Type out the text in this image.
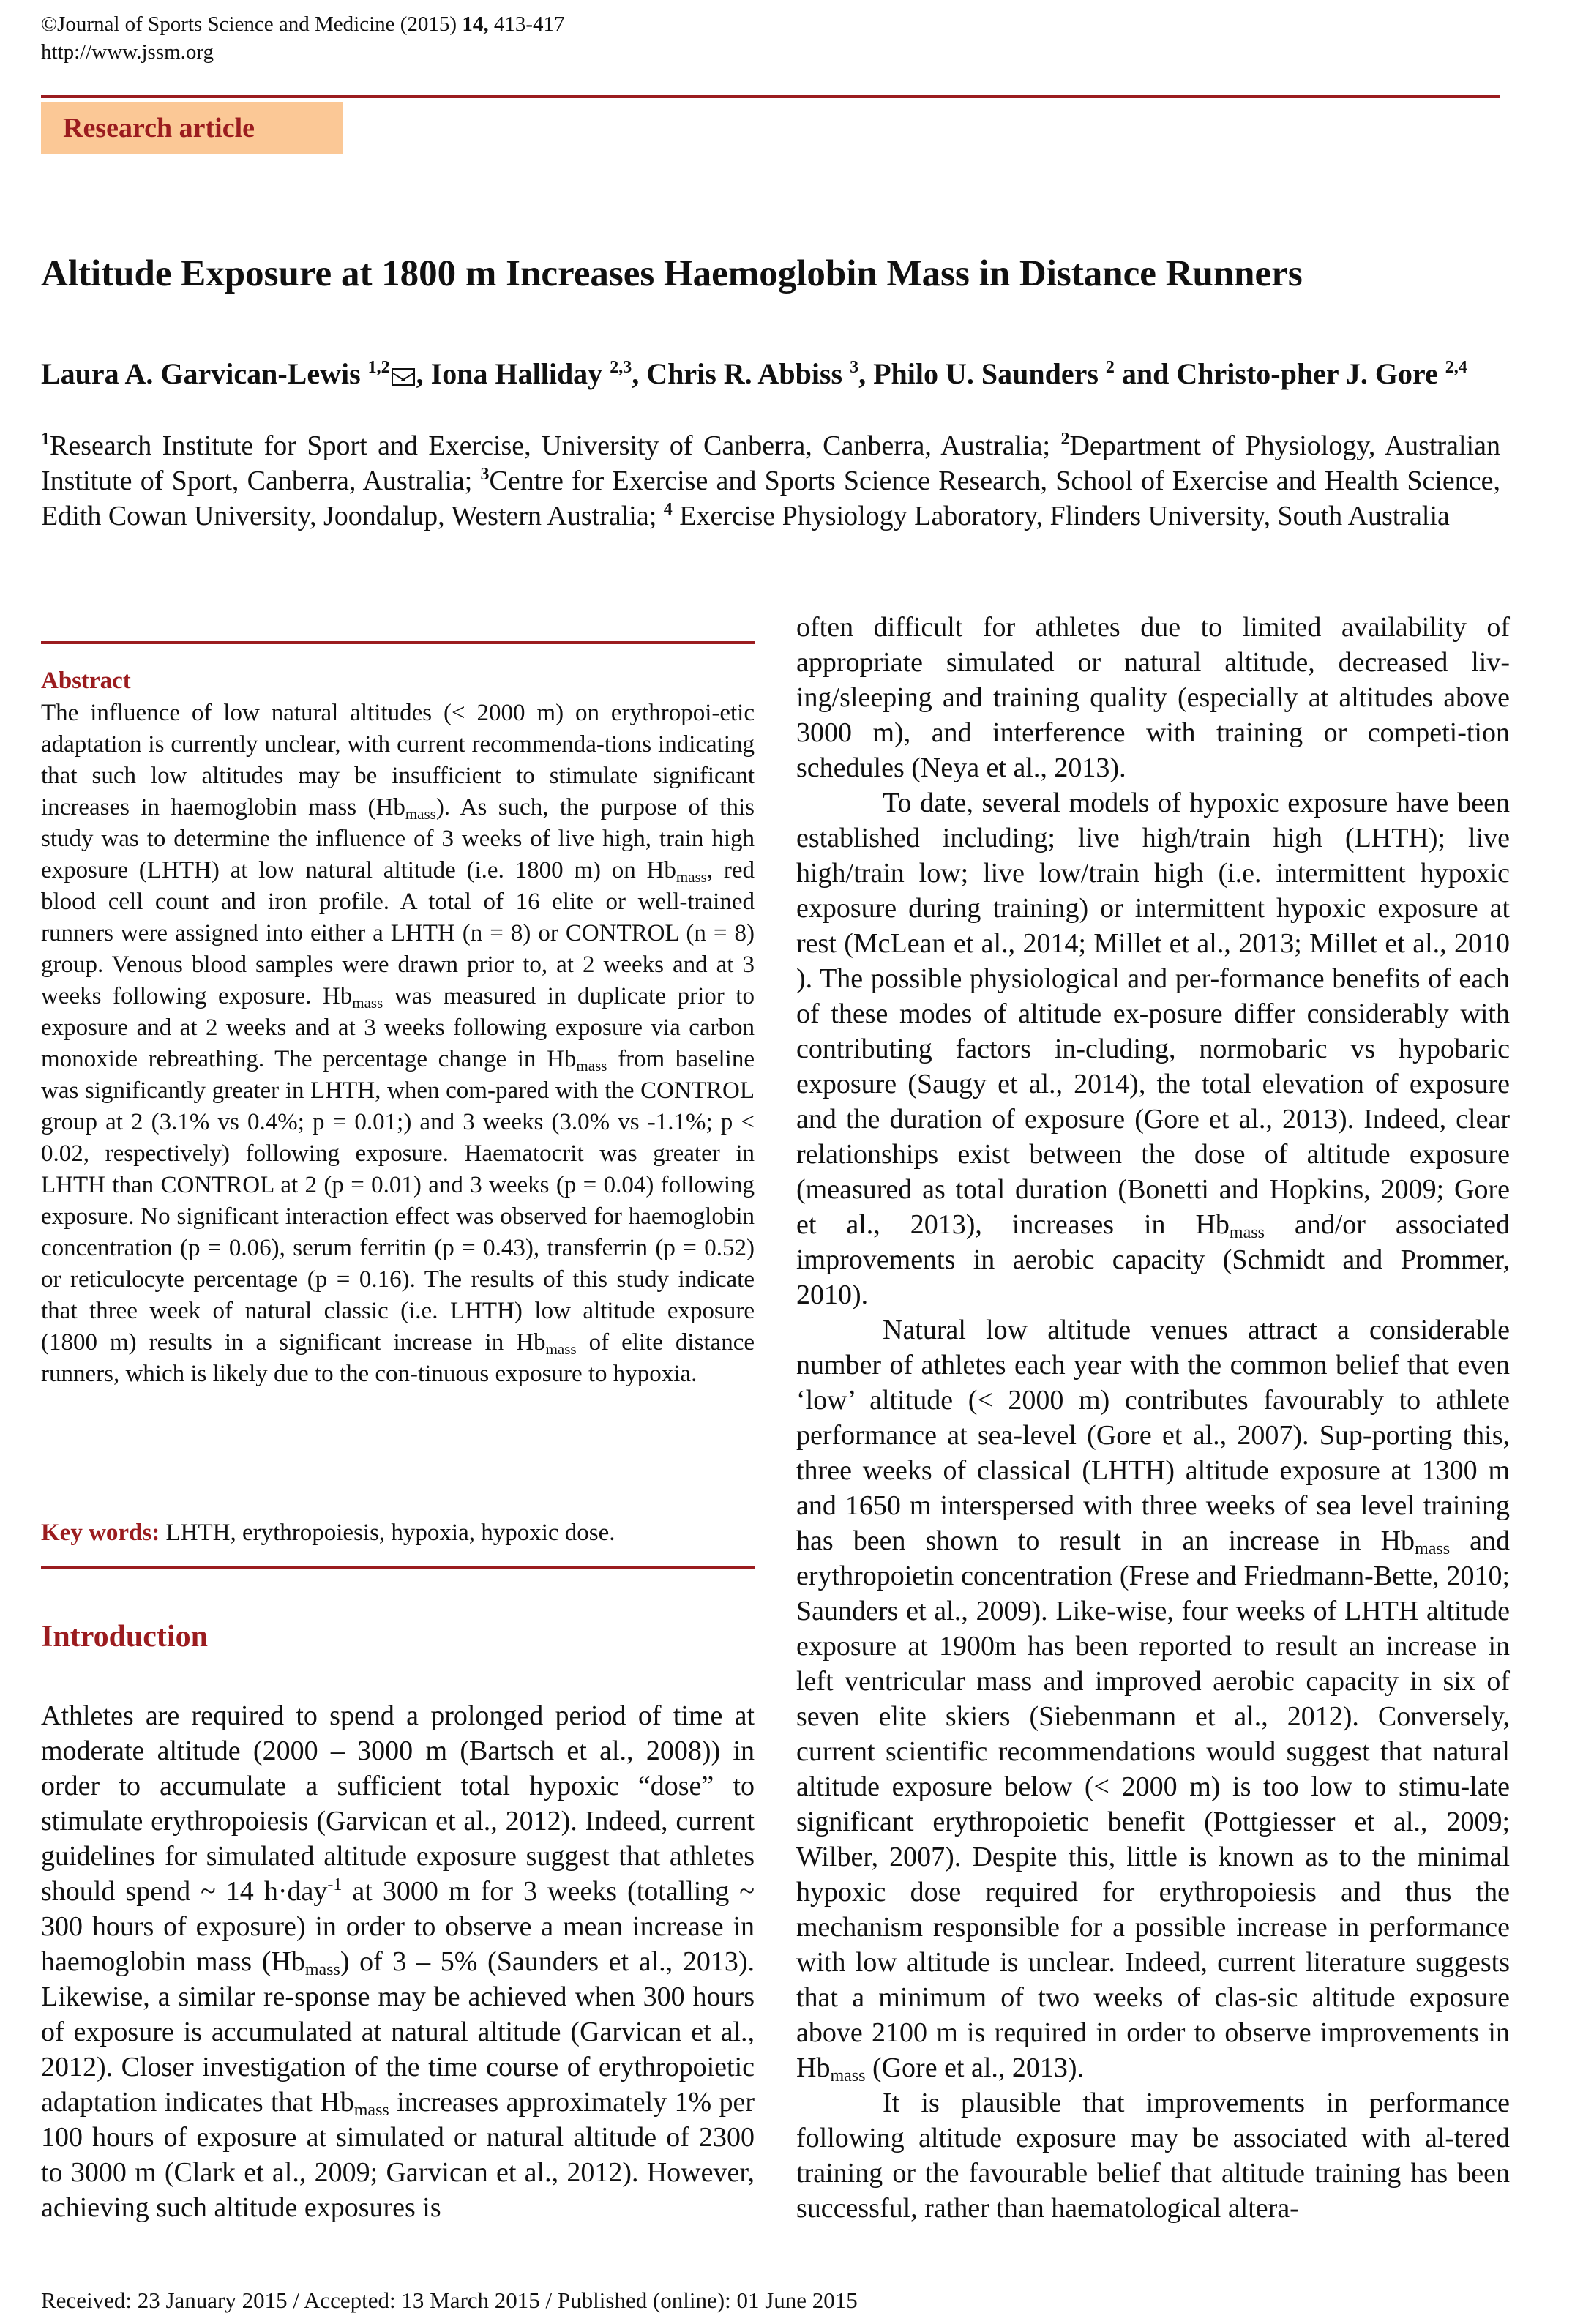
©Journal of Sports Science and Medicine (2015) 14, 413-417
http://www.jssm.org
Research article
Altitude Exposure at 1800 m Increases Haemoglobin Mass in Distance Runners
Laura A. Garvican-Lewis $^{1,2}$ , Iona Halliday $^{2,3}$, Chris R. Abbiss $^3$, Philo U. Saunders $^2$ and Christo-pher J. Gore $^{2,4}$
$^1$Research Institute for Sport and Exercise, University of Canberra, Canberra, Australia; $^2$Department of Physiology, Australian Institute of Sport, Canberra, Australia; $^3$Centre for Exercise and Sports Science Research, School of Exercise and Health Science, Edith Cowan University, Joondalup, Western Australia; $^4$ Exercise Physiology Laboratory, Flinders University, South Australia
Abstract

The influence of low natural altitudes (< 2000 m) on erythropoi-etic adaptation is currently unclear, with current recommenda-tions indicating that such low altitudes may be insufficient to stimulate significant increases in haemoglobin mass $(Hb_{mass})$. As such, the purpose of this study was to determine the influence of 3 weeks of live high, train high exposure (LHTH) at low natural altitude (i.e. 1800 m) on $Hb_{mass}$, red blood cell count and iron profile. A total of 16 elite or well-trained runners were assigned into either a LHTH (n = 8) or CONTROL (n = 8) group. Venous blood samples were drawn prior to, at 2 weeks and at 3 weeks following exposure. $Hb_{mass}$ was measured in duplicate prior to exposure and at 2 weeks and at 3 weeks following exposure via carbon monoxide rebreathing. The percentage change in $Hb_{mass}$ from baseline was significantly greater in LHTH, when com-pared with the CONTROL group at 2 (3.1% vs 0.4%; p = 0.01;) and 3 weeks (3.0% vs -1.1%; p < 0.02, respectively) following exposure. Haematocrit was greater in LHTH than CONTROL at 2 (p = 0.01) and 3 weeks (p = 0.04) following exposure. No significant interaction effect was observed for haemoglobin concentration (p = 0.06), serum ferritin (p = 0.43), transferrin (p = 0.52) or reticulocyte percentage (p = 0.16). The results of this study indicate that three week of natural classic (i.e. LHTH) low altitude exposure (1800 m) results in a significant increase in $Hb_{mass}$ of elite distance runners, which is likely due to the con-tinuous exposure to hypoxia.

Key words: LHTH, erythropoiesis, hypoxia, hypoxic dose.
Introduction

Athletes are required to spend a prolonged period of time at moderate altitude (2000 – 3000 m (Bartsch et al., 2008)) in order to accumulate a sufficient total hypoxic “dose” to stimulate erythropoiesis (Garvican et al., 2012). Indeed, current guidelines for simulated altitude exposure suggest that athletes should spend ~ 14 h·day$^{-1}$ at 3000 m for 3 weeks (totalling ~ 300 hours of exposure) in order to observe a mean increase in haemoglobin mass $(Hb_{mass})$ of 3 – 5% (Saunders et al., 2013). Likewise, a similar re-sponse may be achieved when 300 hours of exposure is accumulated at natural altitude (Garvican et al., 2012). Closer investigation of the time course of erythropoietic adaptation indicates that $Hb_{mass}$ increases approximately 1% per 100 hours of exposure at simulated or natural altitude of 2300 to 3000 m (Clark et al., 2009; Garvican et al., 2012). However, achieving such altitude exposures is

often difficult for athletes due to limited availability of appropriate simulated or natural altitude, decreased liv-ing/sleeping and training quality (especially at altitudes above 3000 m), and interference with training or competi-tion schedules (Neya et al., 2013).

To date, several models of hypoxic exposure have been established including; live high/train high (LHTH); live high/train low; live low/train high (i.e. intermittent hypoxic exposure during training) or intermittent hypoxic exposure at rest (McLean et al., 2014; Millet et al., 2013; Millet et al., 2010 ). The possible physiological and per-formance benefits of each of these modes of altitude ex-posure differ considerably with contributing factors in-cluding, normobaric vs hypobaric exposure (Saugy et al., 2014), the total elevation of exposure and the duration of exposure (Gore et al., 2013). Indeed, clear relationships exist between the dose of altitude exposure (measured as total duration (Bonetti and Hopkins, 2009; Gore et al., 2013), increases in $Hb_{mass}$ and/or associated improvements in aerobic capacity (Schmidt and Prommer, 2010).

Natural low altitude venues attract a considerable number of athletes each year with the common belief that even ‘low’ altitude (< 2000 m) contributes favourably to athlete performance at sea-level (Gore et al., 2007). Sup-porting this, three weeks of classical (LHTH) altitude exposure at 1300 m and 1650 m interspersed with three weeks of sea level training has been shown to result in an increase in $Hb_{mass}$ and erythropoietin concentration (Frese and Friedmann-Bette, 2010; Saunders et al., 2009). Like-wise, four weeks of LHTH altitude exposure at 1900m has been reported to result an increase in left ventricular mass and improved aerobic capacity in six of seven elite skiers (Siebenmann et al., 2012). Conversely, current scientific recommendations would suggest that natural altitude exposure below (< 2000 m) is too low to stimu-late significant erythropoietic benefit (Pottgiesser et al., 2009; Wilber, 2007). Despite this, little is known as to the minimal hypoxic dose required for erythropoiesis and thus the mechanism responsible for a possible increase in performance with low altitude is unclear. Indeed, current literature suggests that a minimum of two weeks of clas-sic altitude exposure above 2100 m is required in order to observe improvements in $Hb_{mass}$ (Gore et al., 2013).

It is plausible that improvements in performance following altitude exposure may be associated with al-tered training or the favourable belief that altitude training has been successful, rather than haematological altera-

Received: 23 January 2015 / Accepted: 13 March 2015 / Published (online): 01 June 2015
